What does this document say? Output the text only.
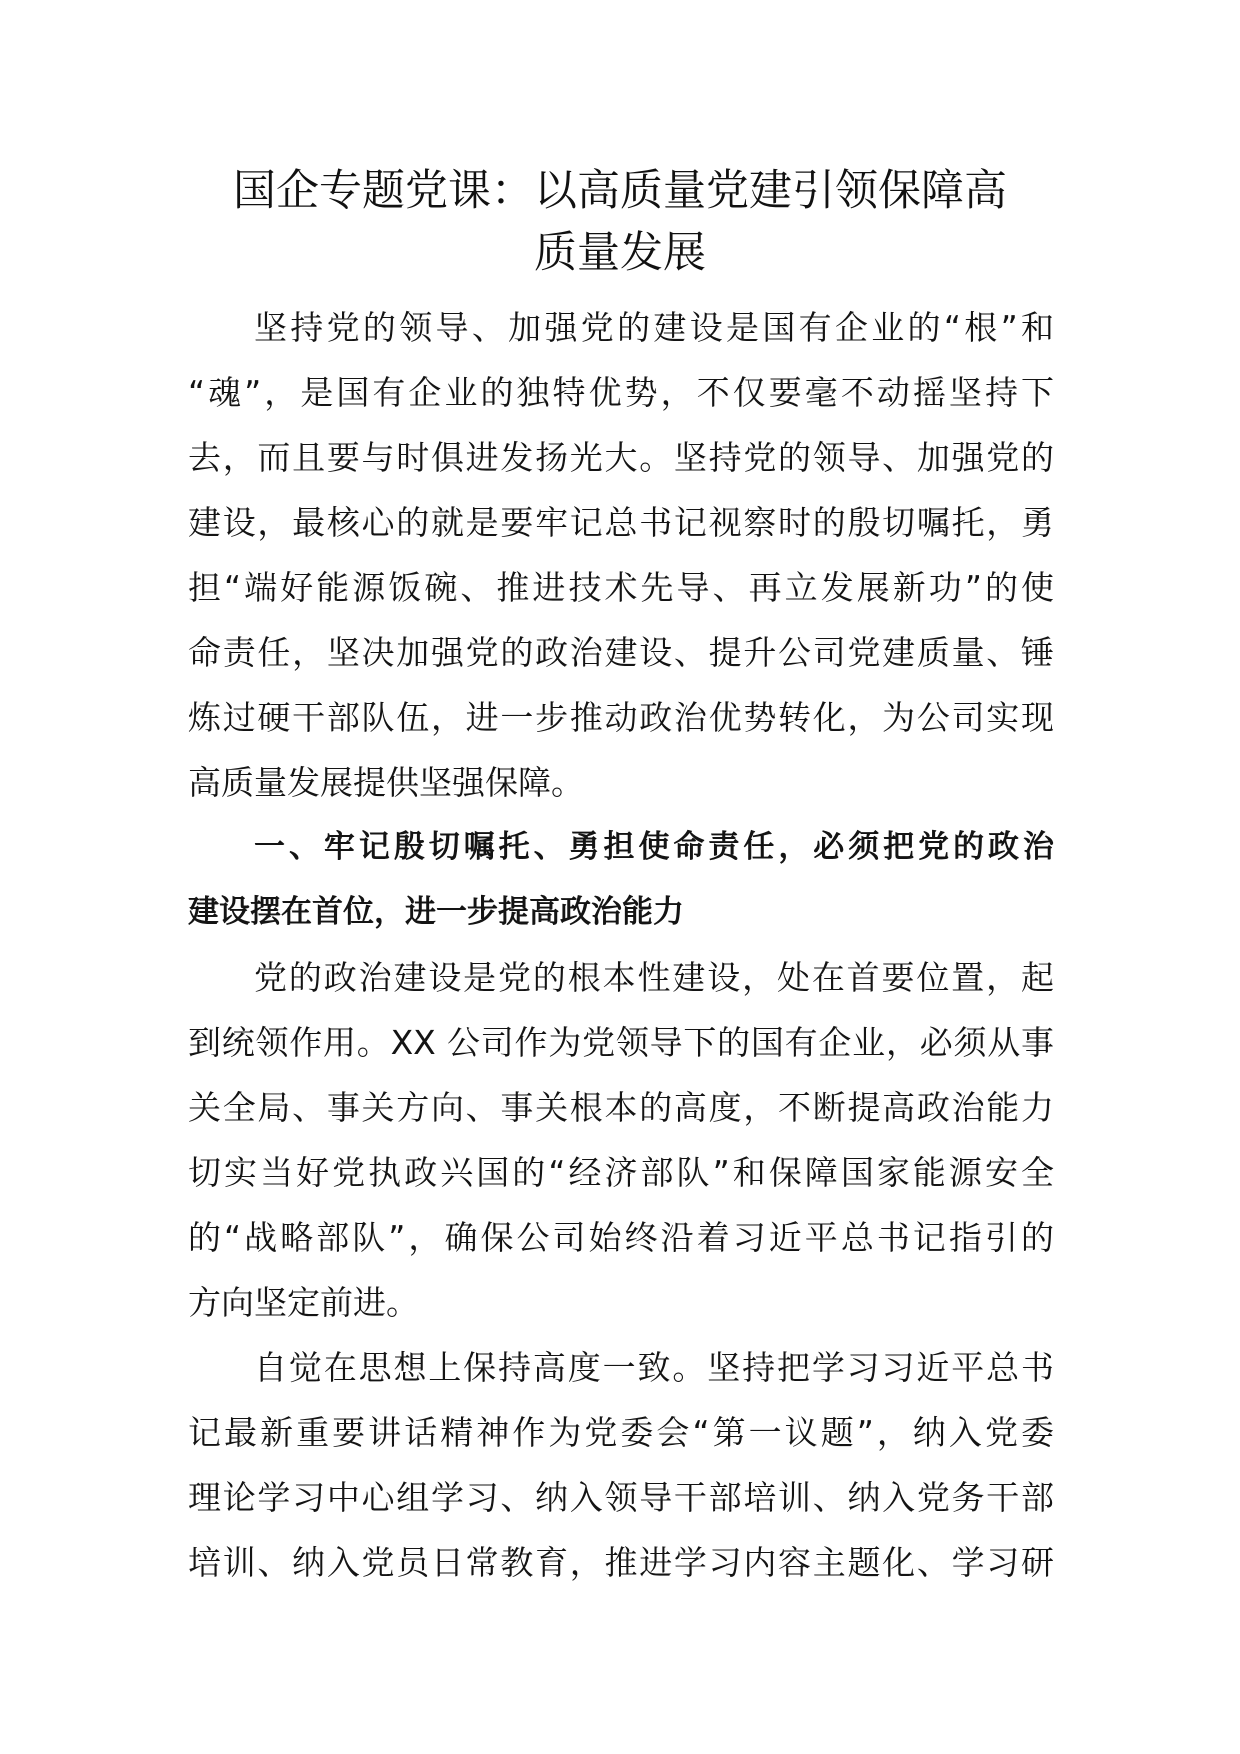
国企专题党课：以高质量党建引领保障高
质量发展
坚持党的领导、加强党的建设是国有企业的“根”和
“魂”，是国有企业的独特优势，不仅要毫不动摇坚持下
去，而且要与时俱进发扬光大。坚持党的领导、加强党的
建设，最核心的就是要牢记总书记视察时的殷切嘱托，勇
担“端好能源饭碗、推进技术先导、再立发展新功”的使
命责任，坚决加强党的政治建设、提升公司党建质量、锤
炼过硬干部队伍，进一步推动政治优势转化，为公司实现
高质量发展提供坚强保障。
一、牢记殷切嘱托、勇担使命责任，必须把党的政治
建设摆在首位，进一步提高政治能力
党的政治建设是党的根本性建设，处在首要位置，起
到统领作用。XX 公司作为党领导下的国有企业，必须从事
关全局、事关方向、事关根本的高度，不断提高政治能力
切实当好党执政兴国的“经济部队”和保障国家能源安全
的“战略部队”，确保公司始终沿着习近平总书记指引的
方向坚定前进。
自觉在思想上保持高度一致。坚持把学习习近平总书
记最新重要讲话精神作为党委会“第一议题”，纳入党委
理论学习中心组学习、纳入领导干部培训、纳入党务干部
培训、纳入党员日常教育，推进学习内容主题化、学习研
